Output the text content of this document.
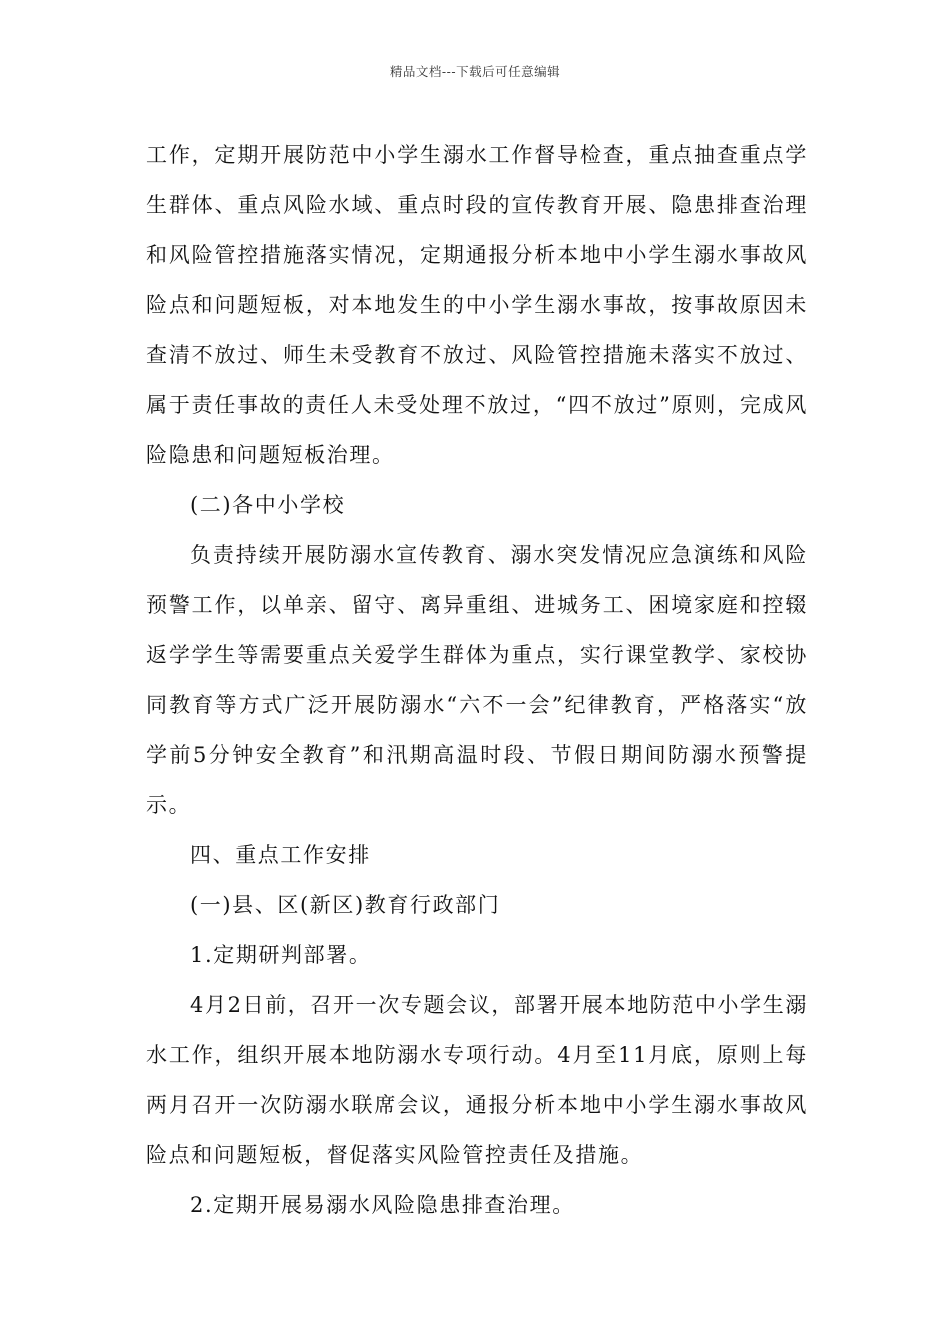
精品文档---下载后可任意编辑

工作，定期开展防范中小学生溺水工作督导检查，重点抽查重点学生群体、重点风险水域、重点时段的宣传教育开展、隐患排查治理和风险管控措施落实情况，定期通报分析本地中小学生溺水事故风险点和问题短板，对本地发生的中小学生溺水事故，按事故原因未查清不放过、师生未受教育不放过、风险管控措施未落实不放过、属于责任事故的责任人未受处理不放过，“四不放过”原则，完成风险隐患和问题短板治理。

(二)各中小学校

负责持续开展防溺水宣传教育、溺水突发情况应急演练和风险预警工作，以单亲、留守、离异重组、进城务工、困境家庭和控辍返学学生等需要重点关爱学生群体为重点，实行课堂教学、家校协同教育等方式广泛开展防溺水“六不一会”纪律教育，严格落实“放学前5分钟安全教育”和汛期高温时段、节假日期间防溺水预警提示。

四、重点工作安排

(一)县、区(新区)教育行政部门

1.定期研判部署。

4月2日前，召开一次专题会议，部署开展本地防范中小学生溺水工作，组织开展本地防溺水专项行动。4月至11月底，原则上每两月召开一次防溺水联席会议，通报分析本地中小学生溺水事故风险点和问题短板，督促落实风险管控责任及措施。

2.定期开展易溺水风险隐患排查治理。
